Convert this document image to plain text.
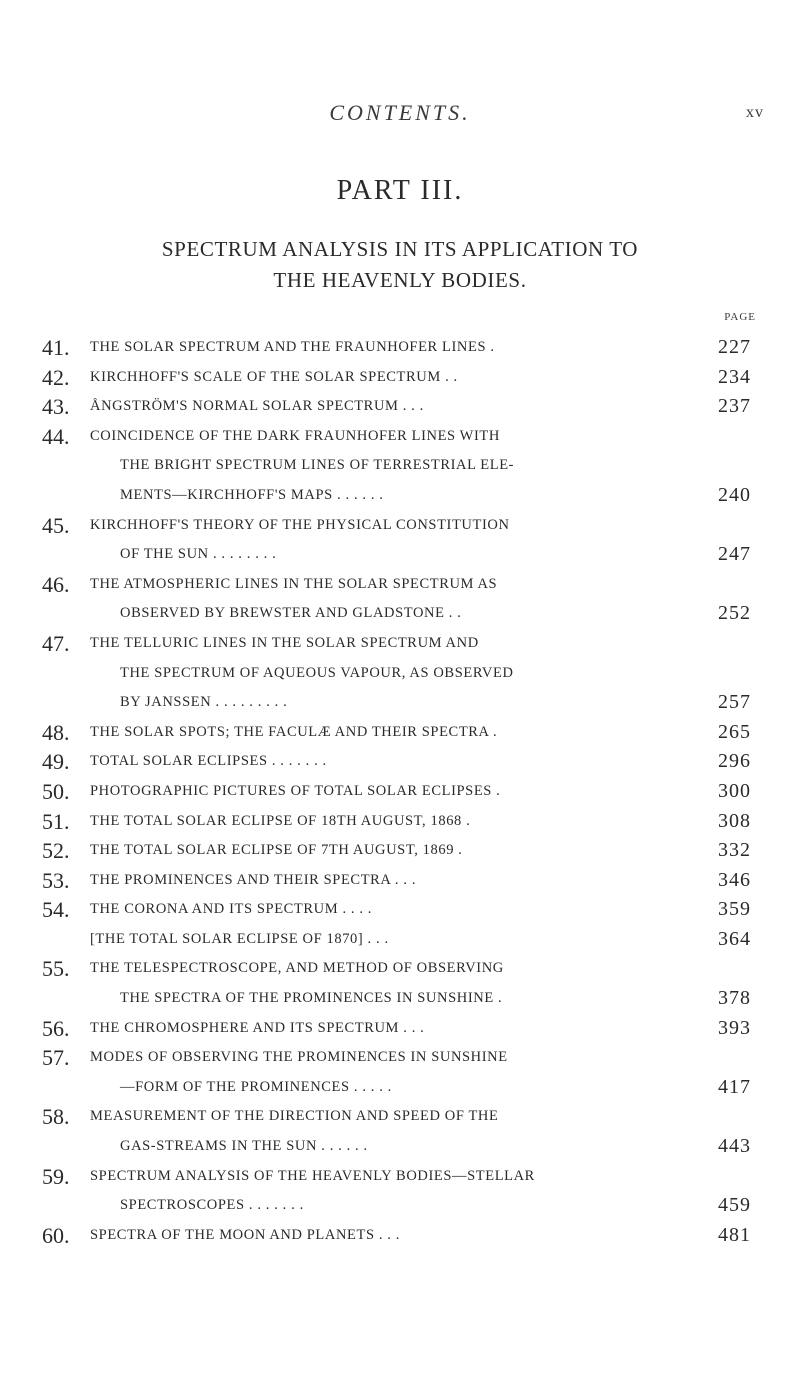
CONTENTS.	xv
PART III.
SPECTRUM ANALYSIS IN ITS APPLICATION TO
THE HEAVENLY BODIES.
PAGE
41. THE SOLAR SPECTRUM AND THE FRAUNHOFER LINES .	227
42. KIRCHHOFF'S SCALE OF THE SOLAR SPECTRUM . .	234
43. ÅNGSTRÖM'S NORMAL SOLAR SPECTRUM . . .	237
44. COINCIDENCE OF THE DARK FRAUNHOFER LINES WITH
THE BRIGHT SPECTRUM LINES OF TERRESTRIAL ELE-
MENTS—KIRCHHOFF'S MAPS . . . . . .	240
45. KIRCHHOFF'S THEORY OF THE PHYSICAL CONSTITUTION
OF THE SUN . . . . . . . .	247
46. THE ATMOSPHERIC LINES IN THE SOLAR SPECTRUM AS
OBSERVED BY BREWSTER AND GLADSTONE . .	252
47. THE TELLURIC LINES IN THE SOLAR SPECTRUM AND
THE SPECTRUM OF AQUEOUS VAPOUR, AS OBSERVED
BY JANSSEN . . . . . . . . .	257
48. THE SOLAR SPOTS; THE FACULÆ AND THEIR SPECTRA .	265
49. TOTAL SOLAR ECLIPSES . . . . . . .	296
50. PHOTOGRAPHIC PICTURES OF TOTAL SOLAR ECLIPSES .	300
51. THE TOTAL SOLAR ECLIPSE OF 18TH AUGUST, 1868 .	308
52. THE TOTAL SOLAR ECLIPSE OF 7TH AUGUST, 1869 .	332
53. THE PROMINENCES AND THEIR SPECTRA . . .	346
54. THE CORONA AND ITS SPECTRUM . . . .	359
[THE TOTAL SOLAR ECLIPSE OF 1870] . . .	364
55. THE TELESPECTROSCOPE, AND METHOD OF OBSERVING
THE SPECTRA OF THE PROMINENCES IN SUNSHINE .	378
56. THE CHROMOSPHERE AND ITS SPECTRUM . . .	393
57. MODES OF OBSERVING THE PROMINENCES IN SUNSHINE
—FORM OF THE PROMINENCES . . . . .	417
58. MEASUREMENT OF THE DIRECTION AND SPEED OF THE
GAS-STREAMS IN THE SUN . . . . . .	443
59. SPECTRUM ANALYSIS OF THE HEAVENLY BODIES—STELLAR
SPECTROSCOPES . . . . . . .	459
60. SPECTRA OF THE MOON AND PLANETS . . .	481
